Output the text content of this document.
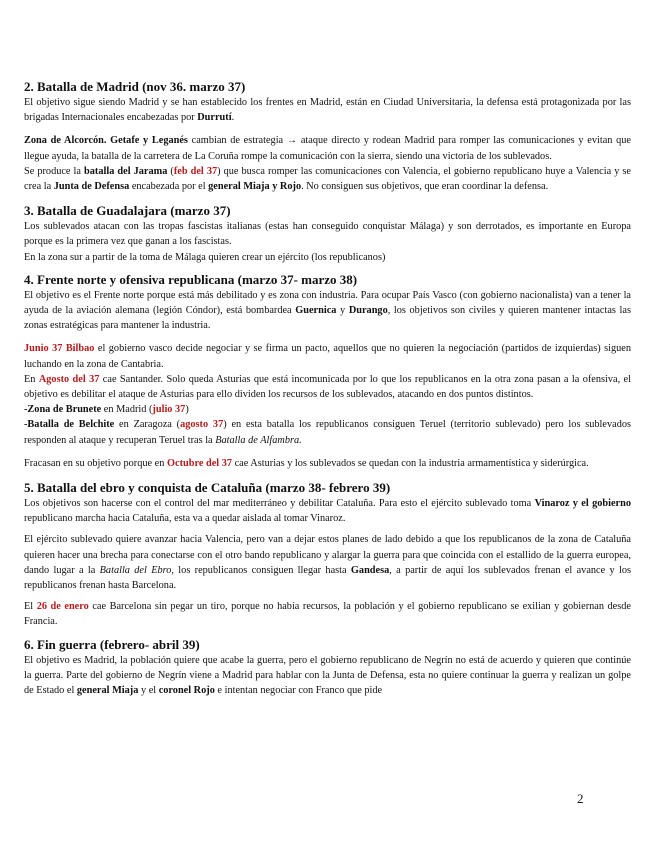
2. Batalla de Madrid (nov 36. marzo 37)

El objetivo sigue siendo Madrid y se han establecido los frentes en Madrid, están en Ciudad Universitaria, la defensa está protagonizada por las brigadas Internacionales encabezadas por Durrutí.

Zona de Alcorcón. Getafe y Leganés cambian de estrategia → ataque directo y rodean Madrid para romper las comunicaciones y evitan que llegue ayuda, la batalla de la carretera de La Coruña rompe la comunicación con la sierra, siendo una victoria de los sublevados.

Se produce la batalla del Jarama (feb del 37) que busca romper las comunicaciones con Valencia, el gobierno republicano huye a Valencia y se crea la Junta de Defensa encabezada por el general Miaja y Rojo. No consiguen sus objetivos, que eran coordinar la defensa.

3. Batalla de Guadalajara (marzo 37)

Los sublevados atacan con las tropas fascistas italianas (estas han conseguido conquistar Málaga) y son derrotados, es importante en Europa porque es la primera vez que ganan a los fascistas.

En la zona sur a partir de la toma de Málaga quieren crear un ejército (los republicanos)

4. Frente norte y ofensiva republicana (marzo 37- marzo 38)

El objetivo es el Frente norte porque está más debilitado y es zona con industria. Para ocupar País Vasco (con gobierno nacionalista) van a tener la ayuda de la aviación alemana (legión Cóndor), está bombardea Guernica y Durango, los objetivos son civiles y quieren mantener intactas las zonas estratégicas para mantener la industria.

Junio 37 Bilbao el gobierno vasco decide negociar y se firma un pacto, aquellos que no quieren la negociación (partidos de izquierdas) siguen luchando en la zona de Cantabria.

En Agosto del 37 cae Santander. Solo queda Asturias que está incomunicada por lo que los republicanos en la otra zona pasan a la ofensiva, el objetivo es debilitar el ataque de Asturias para ello dividen los recursos de los sublevados, atacando en dos puntos distintos.

-Zona de Brunete en Madrid (julio 37)

-Batalla de Belchite en Zaragoza (agosto 37) en esta batalla los republicanos consiguen Teruel (territorio sublevado) pero los sublevados responden al ataque y recuperan Teruel tras la Batalla de Alfambra.

Fracasan en su objetivo porque en Octubre del 37 cae Asturias y los sublevados se quedan con la industria armamentística y siderúrgica.

5. Batalla del ebro y conquista de Cataluña (marzo 38- febrero 39)

Los objetivos son hacerse con el control del mar mediterráneo y debilitar Cataluña. Para esto el ejército sublevado toma Vinaroz y el gobierno republicano marcha hacia Cataluña, esta va a quedar aislada al tomar Vinaroz.

El ejército sublevado quiere avanzar hacia Valencia, pero van a dejar estos planes de lado debido a que los republicanos de la zona de Cataluña quieren hacer una brecha para conectarse con el otro bando republicano y alargar la guerra para que coincida con el estallido de la guerra europea, dando lugar a la Batalla del Ebro, los republicanos consiguen llegar hasta Gandesa, a partir de aquí los sublevados frenan el avance y los republicanos frenan hasta Barcelona.

El 26 de enero cae Barcelona sin pegar un tiro, porque no había recursos, la población y el gobierno republicano se exilian y gobiernan desde Francia.

6. Fin guerra (febrero- abril 39)

El objetivo es Madrid, la población quiere que acabe la guerra, pero el gobierno republicano de Negrín no está de acuerdo y quieren que continúe la guerra. Parte del gobierno de Negrín viene a Madrid para hablar con la Junta de Defensa, esta no quiere continuar la guerra y realizan un golpe de Estado el general Miaja y el coronel Rojo e intentan negociar con Franco que pide

2
